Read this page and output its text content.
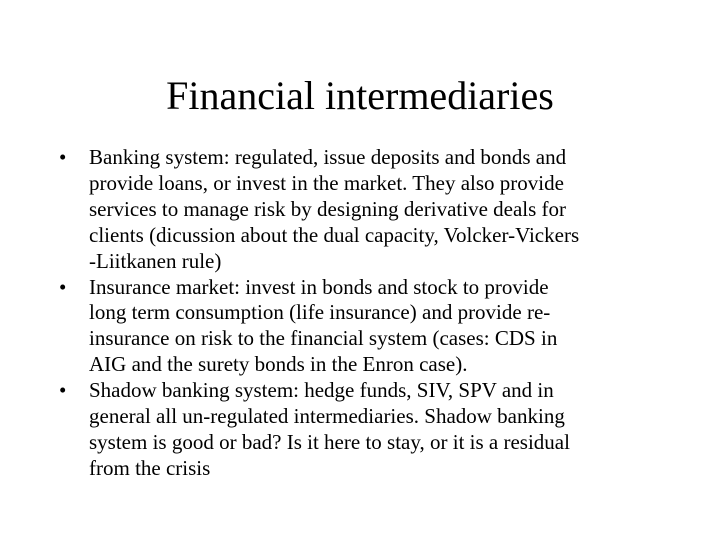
Financial intermediaries
• Banking system: regulated, issue deposits and bonds and
provide loans, or invest in the market. They also provide
services to manage risk by designing derivative deals for
clients (dicussion about the dual capacity, Volcker-Vickers
-Liitkanen rule)
• Insurance market: invest in bonds and stock to provide
long term consumption (life insurance) and provide re-
insurance on risk to the financial system (cases: CDS in
AIG and the surety bonds in the Enron case).
• Shadow banking system: hedge funds, SIV, SPV and in
general all un-regulated intermediaries. Shadow banking
system is good or bad? Is it here to stay, or it is a residual
from the crisis
